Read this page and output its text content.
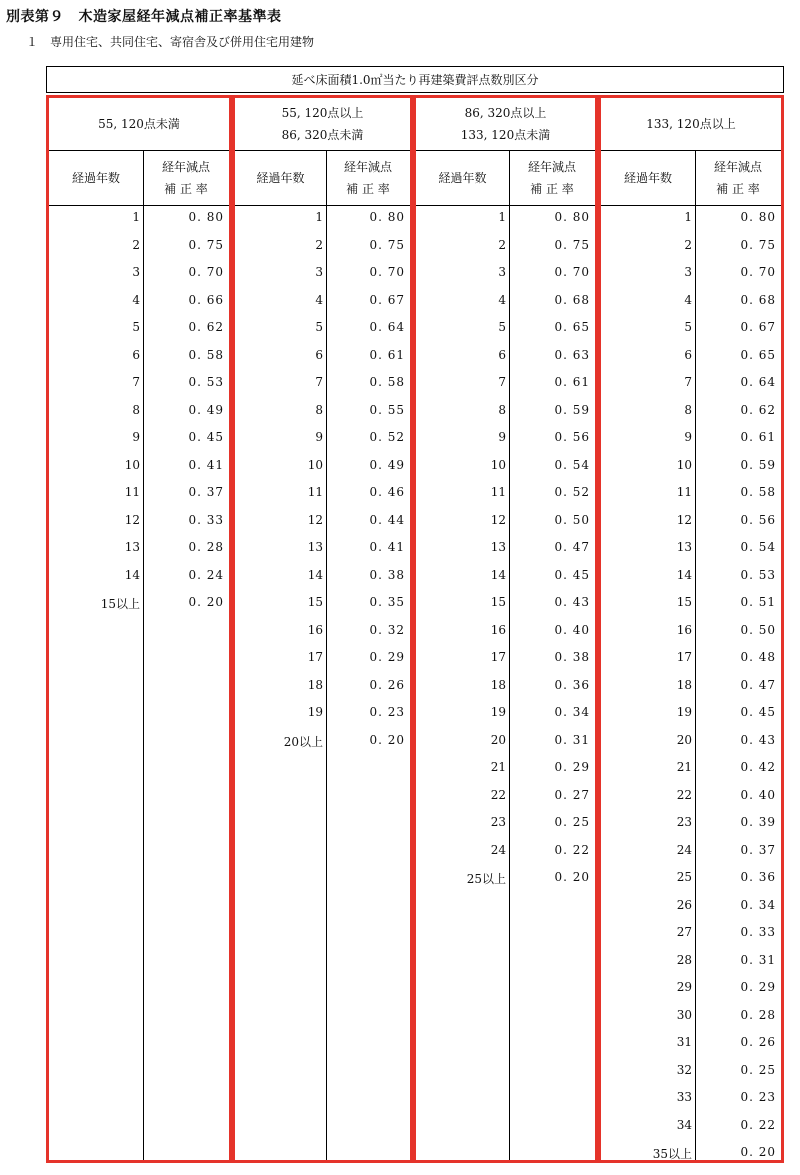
別表第９　木造家屋経年減点補正率基準表
１　専用住宅、共同住宅、寄宿舎及び併用住宅用建物
延べ床面積1.0㎡当たり再建築費評点数別区分
55, 120点未満
経過年数
経年減点
補 正 率
1	0. 80
2	0. 75
3	0. 70
4	0. 66
5	0. 62
6	0. 58
7	0. 53
8	0. 49
9	0. 45
10	0. 41
11	0. 37
12	0. 33
13	0. 28
14	0. 24
15以上	0. 20
55, 120点以上
86, 320点未満
経過年数
経年減点
補 正 率
1	0. 80
2	0. 75
3	0. 70
4	0. 67
5	0. 64
6	0. 61
7	0. 58
8	0. 55
9	0. 52
10	0. 49
11	0. 46
12	0. 44
13	0. 41
14	0. 38
15	0. 35
16	0. 32
17	0. 29
18	0. 26
19	0. 23
20以上	0. 20
86, 320点以上
133, 120点未満
経過年数
経年減点
補 正 率
1	0. 80
2	0. 75
3	0. 70
4	0. 68
5	0. 65
6	0. 63
7	0. 61
8	0. 59
9	0. 56
10	0. 54
11	0. 52
12	0. 50
13	0. 47
14	0. 45
15	0. 43
16	0. 40
17	0. 38
18	0. 36
19	0. 34
20	0. 31
21	0. 29
22	0. 27
23	0. 25
24	0. 22
25以上	0. 20
133, 120点以上
経過年数
経年減点
補 正 率
1	0. 80
2	0. 75
3	0. 70
4	0. 68
5	0. 67
6	0. 65
7	0. 64
8	0. 62
9	0. 61
10	0. 59
11	0. 58
12	0. 56
13	0. 54
14	0. 53
15	0. 51
16	0. 50
17	0. 48
18	0. 47
19	0. 45
20	0. 43
21	0. 42
22	0. 40
23	0. 39
24	0. 37
25	0. 36
26	0. 34
27	0. 33
28	0. 31
29	0. 29
30	0. 28
31	0. 26
32	0. 25
33	0. 23
34	0. 22
35以上	0. 20
